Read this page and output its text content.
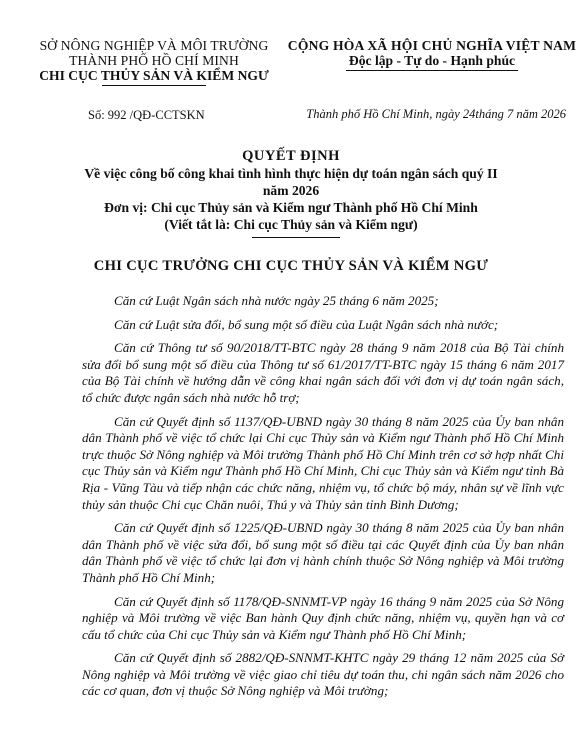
SỞ NÔNG NGHIỆP VÀ MÔI TRƯỜNG
THÀNH PHỐ HỒ CHÍ MINH
CHI CỤC THỦY SẢN VÀ KIỂM NGƯ
CỘNG HÒA XÃ HỘI CHỦ NGHĨA VIỆT NAM
Độc lập - Tự do - Hạnh phúc
Số: 992 /QĐ-CCTSKN	Thành phố Hồ Chí Minh, ngày 24tháng 7 năm 2026
QUYẾT ĐỊNH
Về việc công bố công khai tình hình thực hiện dự toán ngân sách quý II
năm 2026
Đơn vị: Chi cục Thủy sản và Kiểm ngư Thành phố Hồ Chí Minh
(Viết tắt là: Chi cục Thủy sản và Kiểm ngư)
CHI CỤC TRƯỞNG CHI CỤC THỦY SẢN VÀ KIỂM NGƯ

Căn cứ Luật Ngân sách nhà nước ngày 25 tháng 6 năm 2025;

Căn cứ Luật sửa đổi, bổ sung một số điều của Luật Ngân sách nhà nước;

Căn cứ Thông tư số 90/2018/TT-BTC ngày 28 tháng 9 năm 2018 của Bộ Tài chính sửa đổi bổ sung một số điều của Thông tư số 61/2017/TT-BTC ngày 15 tháng 6 năm 2017 của Bộ Tài chính về hướng dẫn về công khai ngân sách đối với đơn vị dự toán ngân sách, tổ chức được ngân sách nhà nước hỗ trợ;

Căn cứ Quyết định số 1137/QĐ-UBND ngày 30 tháng 8 năm 2025 của Ủy ban nhân dân Thành phố về việc tổ chức lại Chi cục Thủy sản và Kiểm ngư Thành phố Hồ Chí Minh trực thuộc Sở Nông nghiệp và Môi trường Thành phố Hồ Chí Minh trên cơ sở hợp nhất Chi cục Thủy sản và Kiểm ngư Thành phố Hồ Chí Minh, Chi cục Thủy sản và Kiểm ngư tỉnh Bà Rịa - Vũng Tàu và tiếp nhận các chức năng, nhiệm vụ, tổ chức bộ máy, nhân sự về lĩnh vực thủy sản thuộc Chi cục Chăn nuôi, Thú y và Thủy sản tỉnh Bình Dương;

Căn cứ Quyết định số 1225/QĐ-UBND ngày 30 tháng 8 năm 2025 của Ủy ban nhân dân Thành phố về việc sửa đổi, bổ sung một số điều tại các Quyết định của Ủy ban nhân dân Thành phố về việc tổ chức lại đơn vị hành chính thuộc Sở Nông nghiệp và Môi trường Thành phố Hồ Chí Minh;

Căn cứ Quyết định số 1178/QĐ-SNNMT-VP ngày 16 tháng 9 năm 2025 của Sở Nông nghiệp và Môi trường về việc Ban hành Quy định chức năng, nhiệm vụ, quyền hạn và cơ cấu tổ chức của Chi cục Thủy sản và Kiểm ngư Thành phố Hồ Chí Minh;

Căn cứ Quyết định số 2882/QĐ-SNNMT-KHTC ngày 29 tháng 12 năm 2025 của Sở Nông nghiệp và Môi trường về việc giao chỉ tiêu dự toán thu, chi ngân sách năm 2026 cho các cơ quan, đơn vị thuộc Sở Nông nghiệp và Môi trường;
